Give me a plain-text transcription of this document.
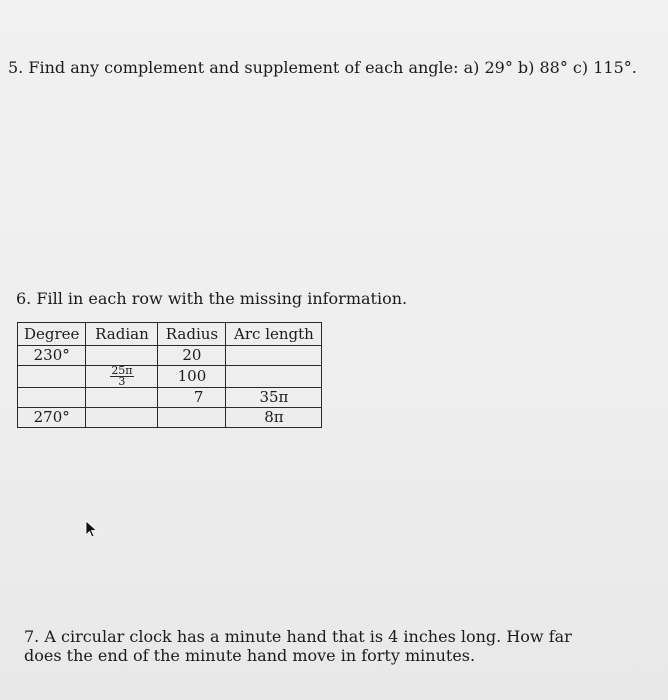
5. Find any complement and supplement of each angle: a) 29° b) 88° c) 115°.
6. Fill in each row with the missing information.
Degree	Radian	Radius	Arc length
230°		20	

	$\frac{25\pi}{3}$	100	
		7	35π
270°			8π
7. A circular clock has a minute hand that is 4 inches long. How far does the end of the minute hand move in forty minutes.
